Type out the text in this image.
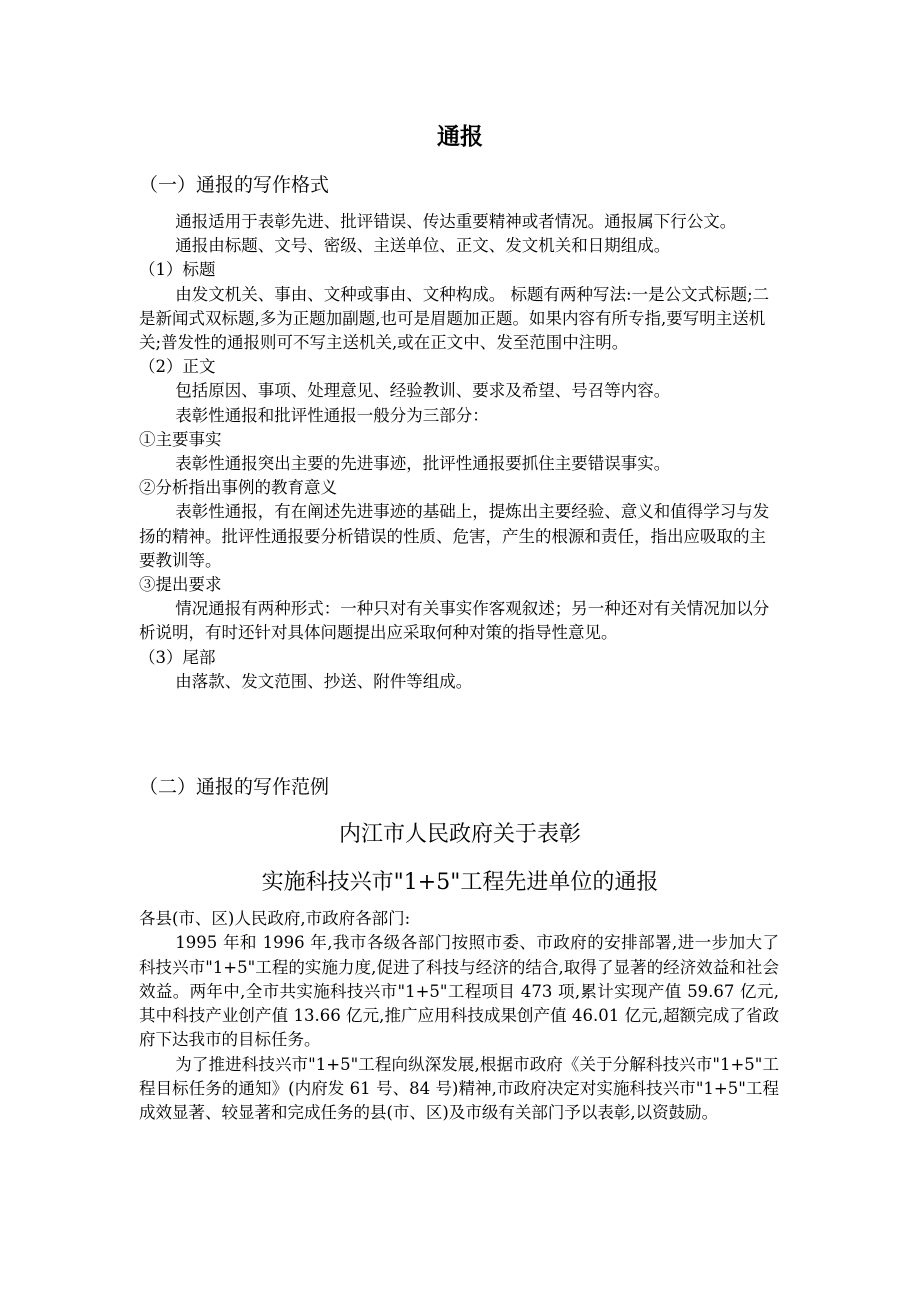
通报
（一）通报的写作格式

通报适用于表彰先进、批评错误、传达重要精神或者情况。通报属下行公文。

通报由标题、文号、密级、主送单位、正文、发文机关和日期组成。

（1）标题

由发文机关、事由、文种或事由、文种构成。 标题有两种写法:一是公文式标题;二是新闻式双标题,多为正题加副题,也可是眉题加正题。如果内容有所专指,要写明主送机关;普发性的通报则可不写主送机关,或在正文中、发至范围中注明。

（2）正文

包括原因、事项、处理意见、经验教训、要求及希望、号召等内容。

表彰性通报和批评性通报一般分为三部分：

①主要事实

表彰性通报突出主要的先进事迹，批评性通报要抓住主要错误事实。

②分析指出事例的教育意义

表彰性通报，有在阐述先进事迹的基础上，提炼出主要经验、意义和值得学习与发扬的精神。批评性通报要分析错误的性质、危害，产生的根源和责任，指出应吸取的主要教训等。

③提出要求

情况通报有两种形式：一种只对有关事实作客观叙述；另一种还对有关情况加以分析说明，有时还针对具体问题提出应采取何种对策的指导性意见。

（3）尾部

由落款、发文范围、抄送、附件等组成。

（二）通报的写作范例
内江市人民政府关于表彰
实施科技兴市"1+5"工程先进单位的通报

各县(市、区)人民政府,市政府各部门:

1995 年和 1996 年,我市各级各部门按照市委、市政府的安排部署,进一步加大了科技兴市"1+5"工程的实施力度,促进了科技与经济的结合,取得了显著的经济效益和社会效益。两年中,全市共实施科技兴市"1+5"工程项目 473 项,累计实现产值 59.67 亿元,其中科技产业创产值 13.66 亿元,推广应用科技成果创产值 46.01 亿元,超额完成了省政府下达我市的目标任务。

为了推进科技兴市"1+5"工程向纵深发展,根据市政府《关于分解科技兴市"1+5"工程目标任务的通知》(内府发 61 号、84 号)精神,市政府决定对实施科技兴市"1+5"工程成效显著、较显著和完成任务的县(市、区)及市级有关部门予以表彰,以资鼓励。
